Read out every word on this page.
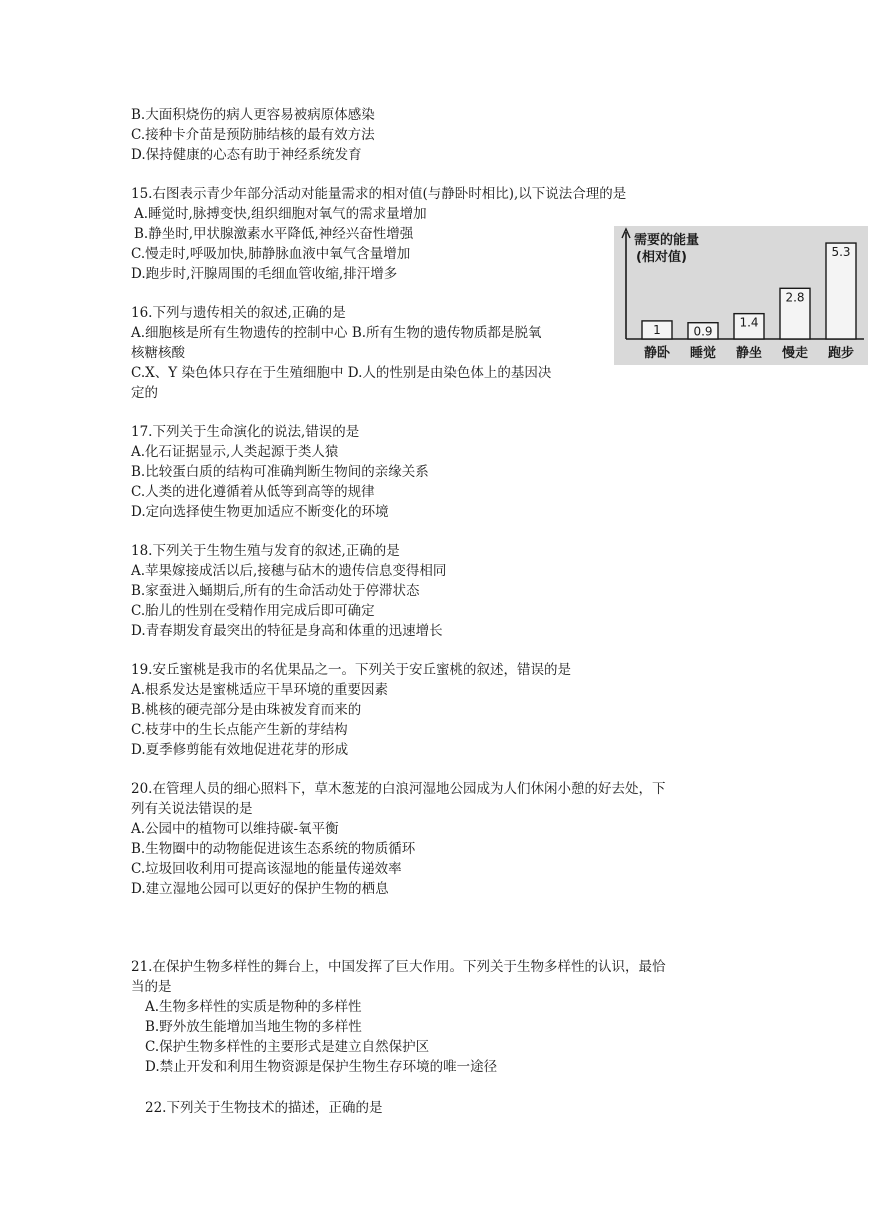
B.大面积烧伤的病人更容易被病原体感染
C.接种卡介苗是预防肺结核的最有效方法
D.保持健康的心态有助于神经系统发育
15.右图表示青少年部分活动对能量需求的相对值(与静卧时相比),以下说法合理的是
A.睡觉时,脉搏变快,组织细胞对氧气的需求量增加
B.静坐时,甲状腺激素水平降低,神经兴奋性增强
C.慢走时,呼吸加快,肺静脉血液中氧气含量增加
D.跑步时,汗腺周围的毛细血管收缩,排汗增多
16.下列与遗传相关的叙述,正确的是
A.细胞核是所有生物遗传的控制中心 B.所有生物的遗传物质都是脱氧
核糖核酸
C.X、Y 染色体只存在于生殖细胞中 D.人的性别是由染色体上的基因决
定的
17.下列关于生命演化的说法,错误的是
A.化石证据显示,人类起源于类人猿
B.比较蛋白质的结构可准确判断生物间的亲缘关系
C.人类的进化遵循着从低等到高等的规律
D.定向选择使生物更加适应不断变化的环境
18.下列关于生物生殖与发育的叙述,正确的是
A.苹果嫁接成活以后,接穗与砧木的遗传信息变得相同
B.家蚕进入蛹期后,所有的生命活动处于停滞状态
C.胎儿的性别在受精作用完成后即可确定
D.青春期发育最突出的特征是身高和体重的迅速增长
19.安丘蜜桃是我市的名优果品之一。下列关于安丘蜜桃的叙述，错误的是
A.根系发达是蜜桃适应干旱环境的重要因素
B.桃核的硬壳部分是由珠被发育而来的
C.枝芽中的生长点能产生新的芽结构
D.夏季修剪能有效地促进花芽的形成
20.在管理人员的细心照料下，草木葱茏的白浪河湿地公园成为人们休闲小憩的好去处，下
列有关说法错误的是
A.公园中的植物可以维持碳-氧平衡
B.生物圈中的动物能促进该生态系统的物质循环
C.垃圾回收利用可提高该湿地的能量传递效率
D.建立湿地公园可以更好的保护生物的栖息
21.在保护生物多样性的舞台上，中国发挥了巨大作用。下列关于生物多样性的认识，最恰
当的是
A.生物多样性的实质是物种的多样性
B.野外放生能增加当地生物的多样性
C.保护生物多样性的主要形式是建立自然保护区
D.禁止开发和利用生物资源是保护生物生存环境的唯一途径
22.下列关于生物技术的描述，正确的是
需要的能量
(相对值)
1
静卧
0.9
睡觉
1.4
静坐
2.8
慢走
5.3
跑步
